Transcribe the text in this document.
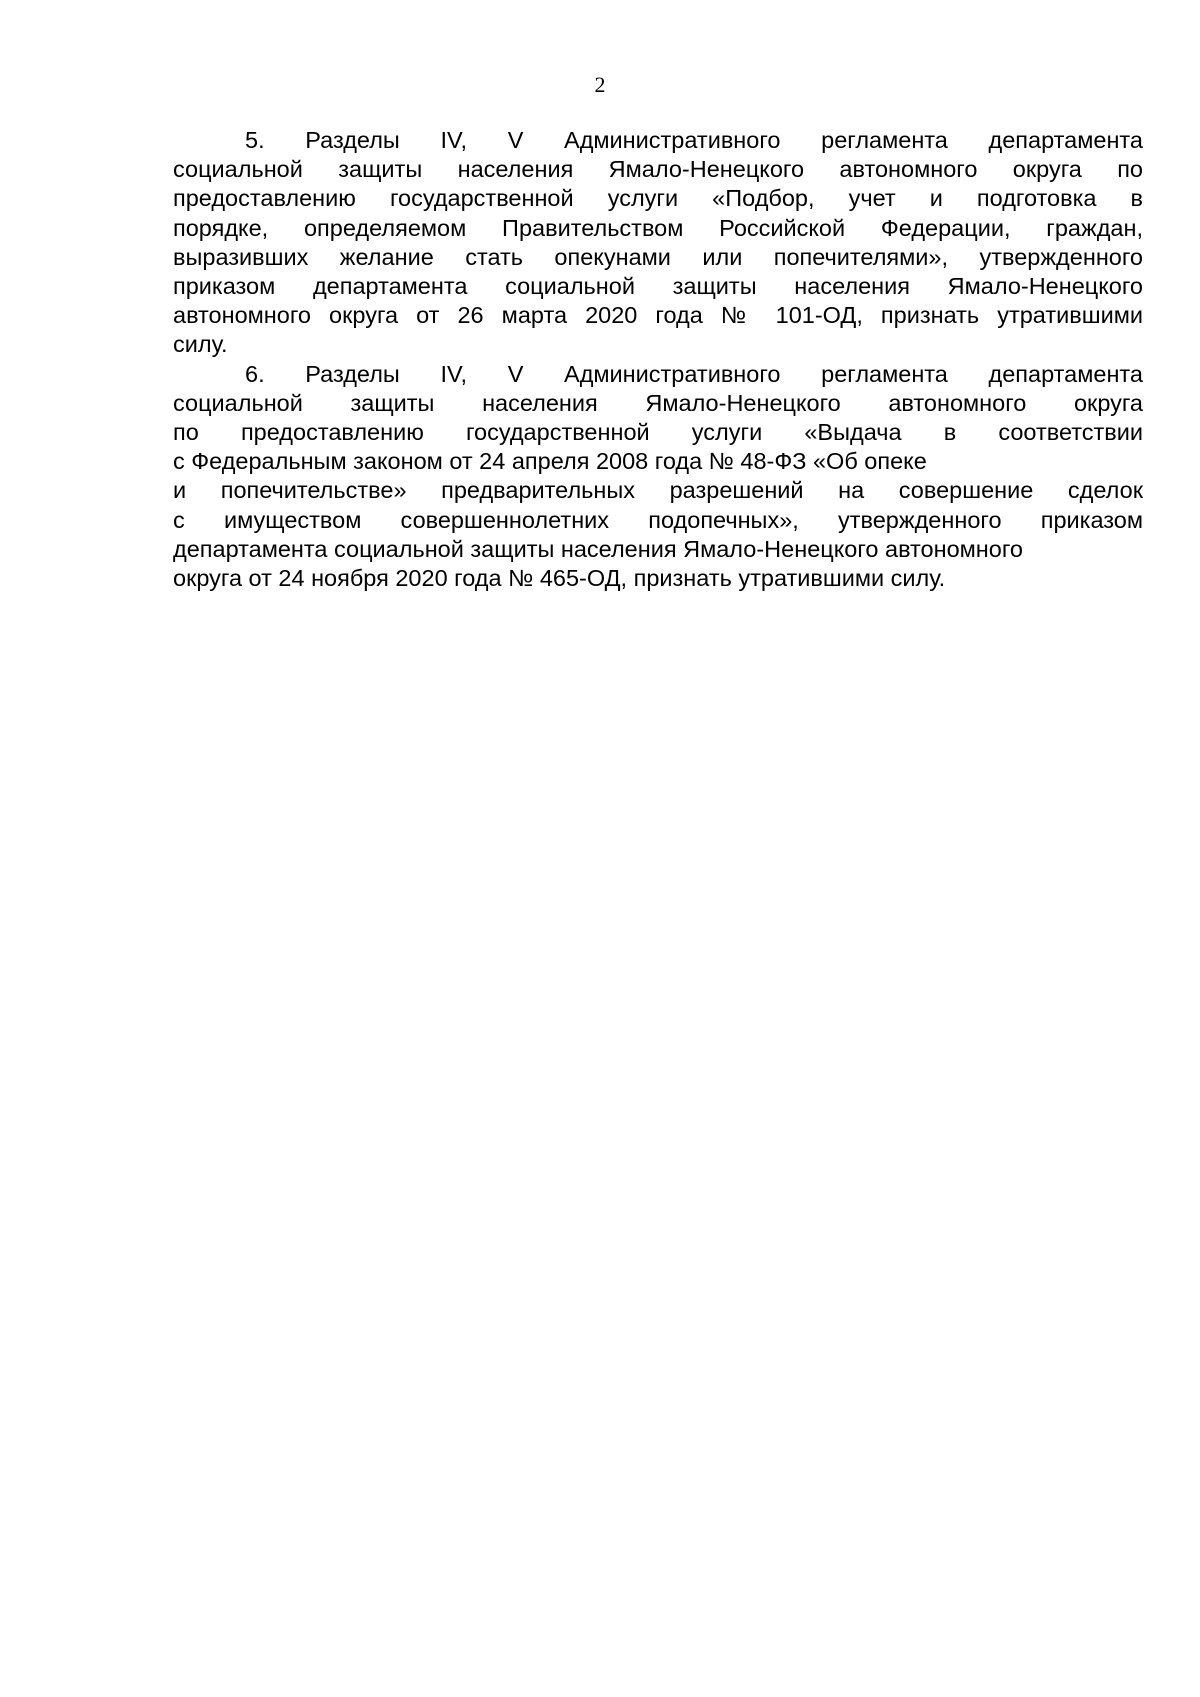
2

5. Разделы IV, V Административного регламента департамента
социальной защиты населения Ямало-Ненецкого автономного округа по
предоставлению государственной услуги «Подбор, учет и подготовка в
порядке, определяемом Правительством Российской Федерации, граждан,
выразивших желание стать опекунами или попечителями», утвержденного
приказом департамента социальной защиты населения Ямало-Ненецкого
автономного округа от 26 марта 2020 года № 101-ОД, признать утратившими
силу.

6. Разделы IV, V Административного регламента департамента
социальной защиты населения Ямало-Ненецкого автономного округа
по предоставлению государственной услуги «Выдача в соответствии
с Федеральным законом от 24 апреля 2008 года № 48-ФЗ «Об опеке
и попечительстве» предварительных разрешений на совершение сделок
с имуществом совершеннолетних подопечных», утвержденного приказом
департамента социальной защиты населения Ямало-Ненецкого автономного
округа от 24 ноября 2020 года № 465-ОД, признать утратившими силу.
